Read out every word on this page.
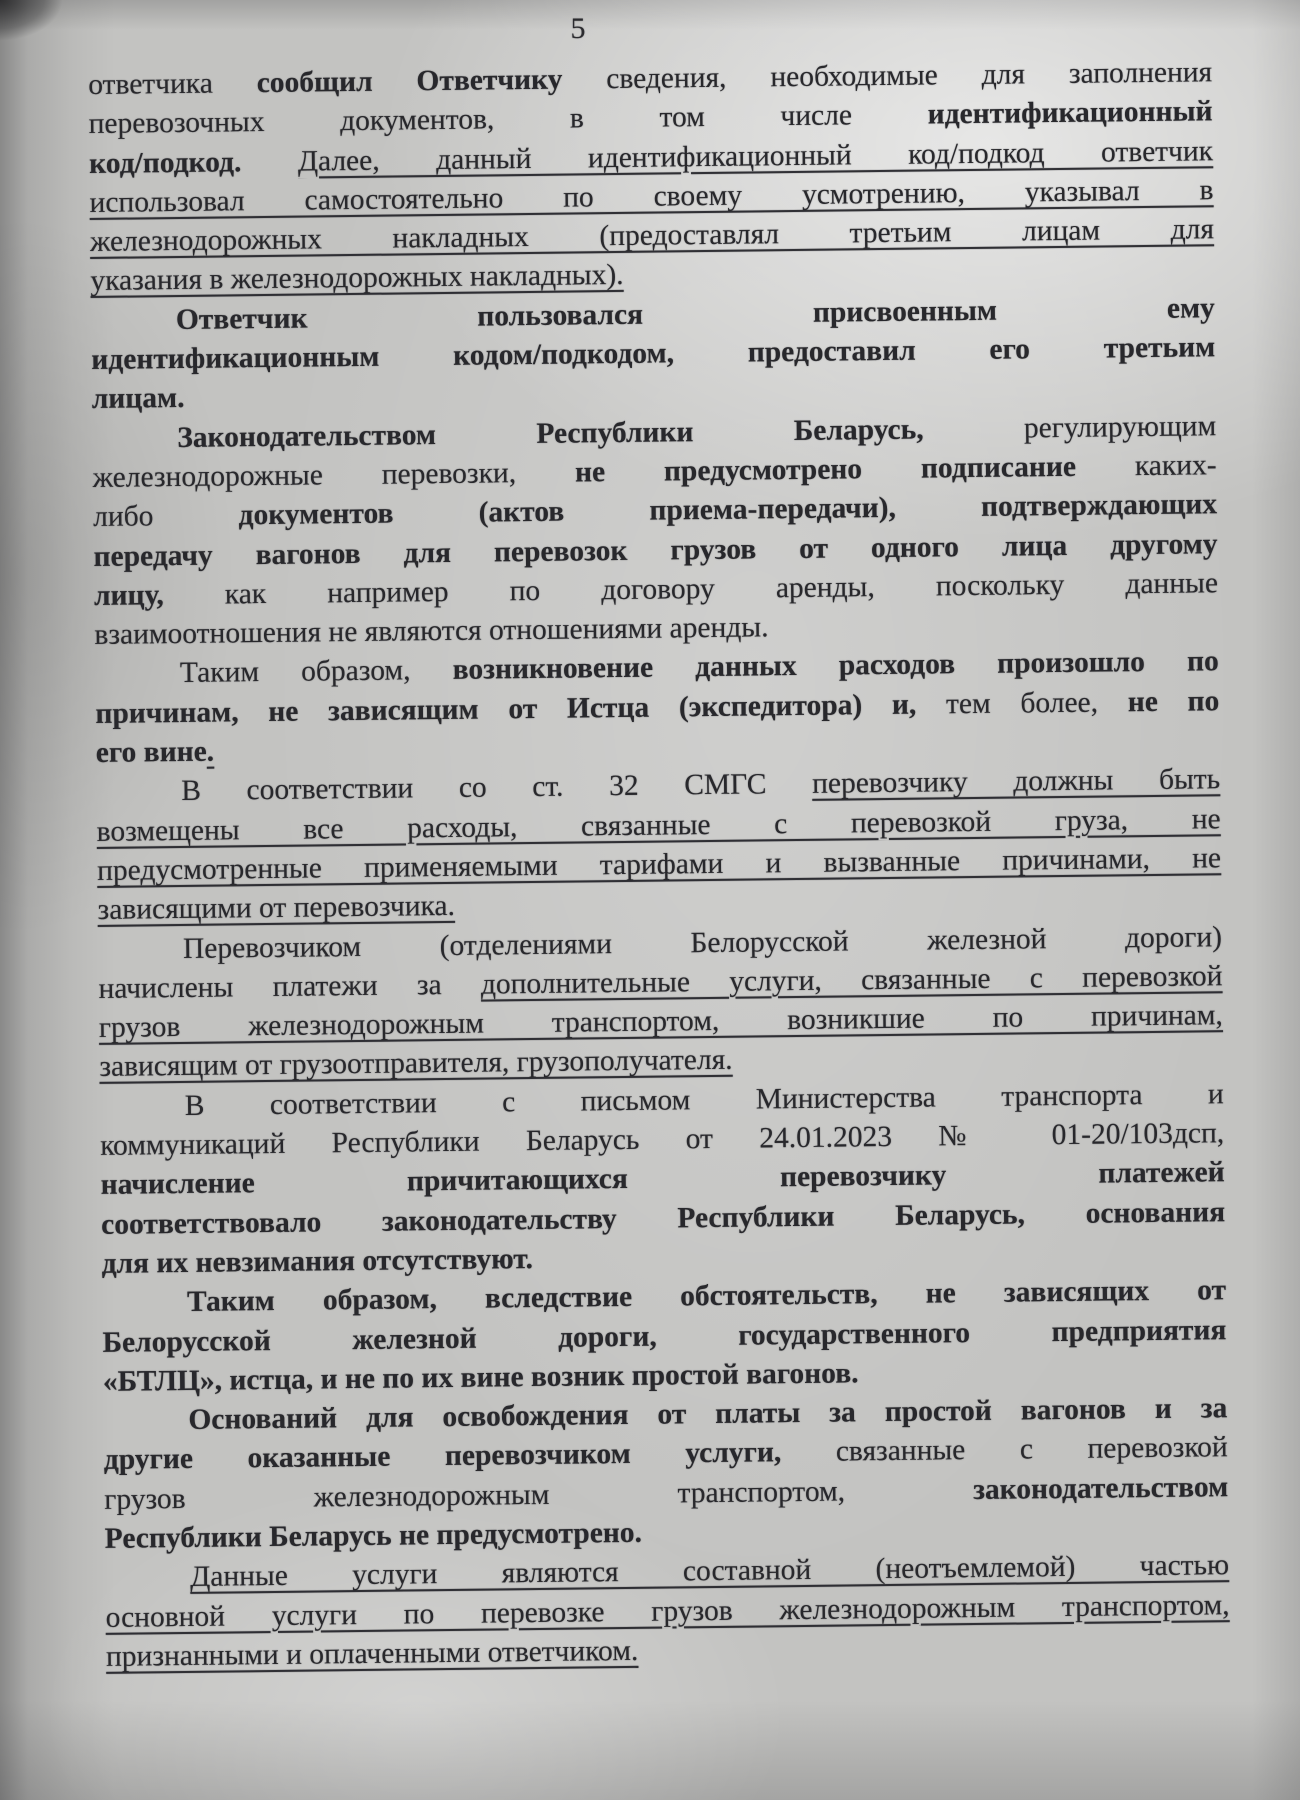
5
ответчика сообщил Ответчику сведения, необходимые для заполнения
перевозочных документов, в том числе идентификационный
код/подкод. Далее, данный идентификационный код/подкод ответчик
использовал самостоятельно по своему усмотрению, указывал в
железнодорожных накладных (предоставлял третьим лицам для
указания в железнодорожных накладных).
Ответчик пользовался присвоенным ему
идентификационным кодом/подкодом, предоставил его третьим
лицам.
Законодательством Республики Беларусь, регулирующим
железнодорожные перевозки, не предусмотрено подписание каких-
либо документов (актов приема-передачи), подтверждающих
передачу вагонов для перевозок грузов от одного лица другому
лицу, как например по договору аренды, поскольку данные
взаимоотношения не являются отношениями аренды.
Таким образом, возникновение данных расходов произошло по
причинам, не зависящим от Истца (экспедитора) и, тем более, не по
его вине.
В соответствии со ст. 32 СМГС перевозчику должны быть
возмещены все расходы, связанные с перевозкой груза, не
предусмотренные применяемыми тарифами и вызванные причинами, не
зависящими от перевозчика.
Перевозчиком (отделениями Белорусской железной дороги)
начислены платежи за дополнительные услуги, связанные с перевозкой
грузов железнодорожным транспортом, возникшие по причинам,
зависящим от грузоотправителя, грузополучателя.
В соответствии с письмом Министерства транспорта и
коммуникаций Республики Беларусь от 24.01.2023 № 01-20/103дсп,
начисление причитающихся перевозчику платежей
соответствовало законодательству Республики Беларусь, основания
для их невзимания отсутствуют.
Таким образом, вследствие обстоятельств, не зависящих от
Белорусской железной дороги, государственного предприятия
«БТЛЦ», истца, и не по их вине возник простой вагонов.
Оснований для освобождения от платы за простой вагонов и за
другие оказанные перевозчиком услуги, связанные с перевозкой
грузов железнодорожным транспортом, законодательством
Республики Беларусь не предусмотрено.
Данные услуги являются составной (неотъемлемой) частью
основной услуги по перевозке грузов железнодорожным транспортом,
признанными и оплаченными ответчиком.
